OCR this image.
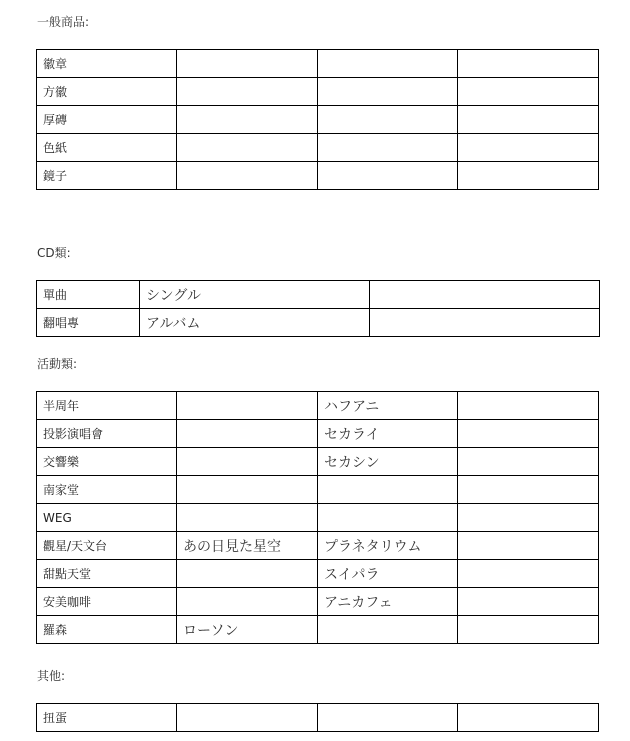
一般商品:
徽章			
方徽			
厚磚			
色紙			
鏡子			
CD類:
單曲	シングル	
翻唱專	アルバム	
活動類:
半周年		ハフアニ	
投影演唱會		セカライ	
交響樂		セカシン	
南家堂			
WEG			
觀星/天文台	あの日見た星空	プラネタリウム	
甜點天堂		スイパラ	
安美咖啡		アニカフェ	
羅森	ローソン		
其他:
扭蛋			
